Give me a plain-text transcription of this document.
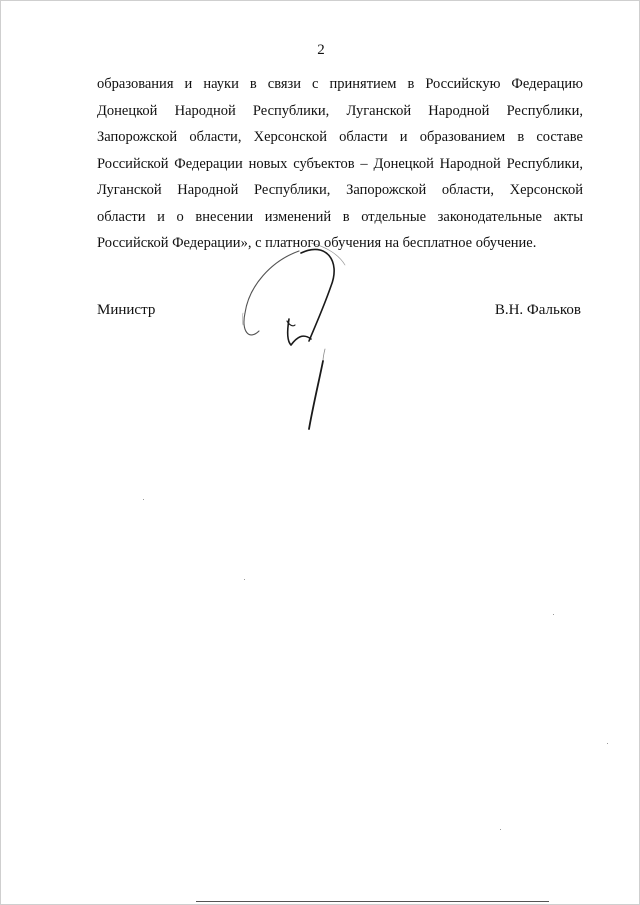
2
образования и науки в связи с принятием в Российскую Федерацию
Донецкой Народной Республики, Луганской Народной Республики,
Запорожской области, Херсонской области и образованием в составе
Российской Федерации новых субъектов – Донецкой Народной Республики,
Луганской Народной Республики, Запорожской области, Херсонской
области и о внесении изменений в отдельные законодательные акты
Российской Федерации», с платного обучения на бесплатное обучение.
Министр	В.Н. Фальков
